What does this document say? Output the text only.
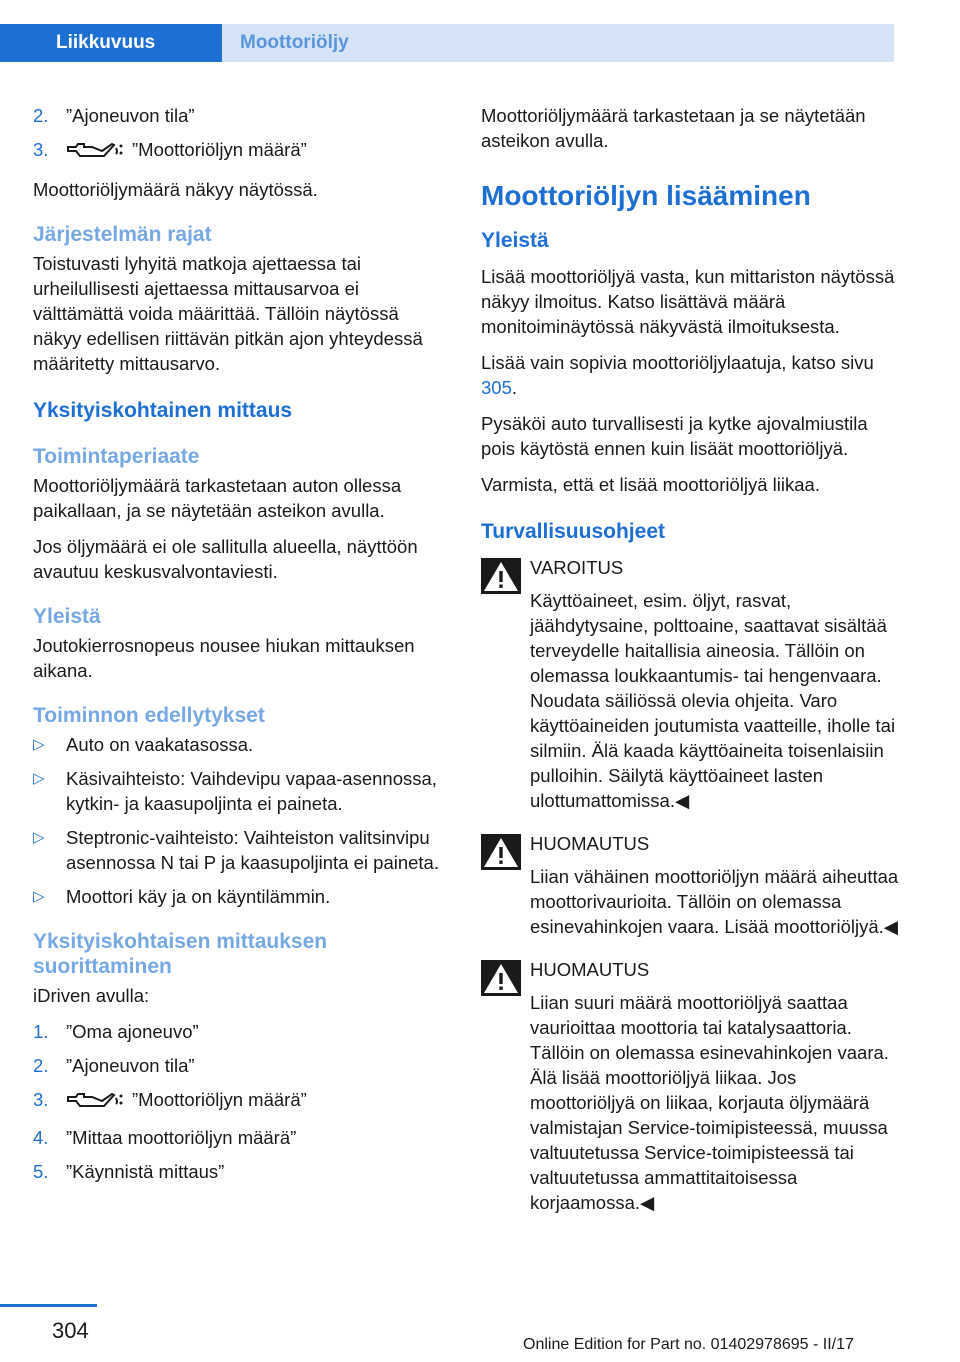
Liikkuvuus	Moottoriöljy
2. ”Ajoneuvon tila”
3.	”Moottoriöljyn määrä”

Moottoriöljymäärä näkyy näytössä.

Järjestelmän rajat

Toistuvasti lyhyitä matkoja ajettaessa tai urheilullisesti ajettaessa mittausarvoa ei välttämättä voida määrittää. Tällöin näytössä näkyy edellisen riittävän pitkän ajon yhteydessä määritetty mittausarvo.

Yksityiskohtainen mittaus
Toimintaperiaate

Moottoriöljymäärä tarkastetaan auton ollessa paikallaan, ja se näytetään asteikon avulla.

Jos öljymäärä ei ole sallitulla alueella, näyttöön avautuu keskusvalvontaviesti.

Yleistä

Joutokierrosnopeus nousee hiukan mittauksen aikana.

Toiminnon edellytykset
▷ Auto on vaakatasossa.
▷ Käsivaihteisto: Vaihdevipu vapaa-asennossa, kytkin- ja kaasupoljinta ei paineta.
▷ Steptronic-vaihteisto: Vaihteiston valitsinvipu asennossa N tai P ja kaasupoljinta ei paineta.
▷ Moottori käy ja on käyntilämmin.
Yksityiskohtaisen mittauksen suorittaminen

iDriven avulla:

1. ”Oma ajoneuvo”
2. ”Ajoneuvon tila”
3.	”Moottoriöljyn määrä”
4. ”Mittaa moottoriöljyn määrä”
5. ”Käynnistä mittaus”

Moottoriöljymäärä tarkastetaan ja se näytetään asteikon avulla.

Moottoriöljyn lisääminen
Yleistä

Lisää moottoriöljyä vasta, kun mittariston näytössä näkyy ilmoitus. Katso lisättävä määrä monitoiminäytössä näkyvästä ilmoituksesta.

Lisää vain sopivia moottoriöljylaatuja, katso sivu 305.

Pysäköi auto turvallisesti ja kytke ajovalmiustila pois käytöstä ennen kuin lisäät moottoriöljyä.

Varmista, että et lisää moottoriöljyä liikaa.

Turvallisuusohjeet
VAROITUS
Käyttöaineet, esim. öljyt, rasvat, jäähdytysaine, polttoaine, saattavat sisältää terveydelle haitallisia aineosia. Tällöin on olemassa loukkaantumis- tai hengenvaara. Noudata säiliössä olevia ohjeita. Varo käyttöaineiden joutumista vaatteille, iholle tai silmiin. Älä kaada käyttöaineita toisenlaisiin pulloihin. Säilytä käyttöaineet lasten ulottumattomissa.◀
HUOMAUTUS
Liian vähäinen moottoriöljyn määrä aiheuttaa moottorivaurioita. Tällöin on olemassa esinevahinkojen vaara. Lisää moottoriöljyä.◀
HUOMAUTUS
Liian suuri määrä moottoriöljyä saattaa vaurioittaa moottoria tai katalysaattoria. Tällöin on olemassa esinevahinkojen vaara. Älä lisää moottoriöljyä liikaa. Jos moottoriöljyä on liikaa, korjauta öljymäärä valmistajan Service-toimipisteessä, muussa valtuutetussa Service-toimipisteessä tai valtuutetussa ammattitaitoisessa korjaamossa.◀
304
Online Edition for Part no. 01402978695 - II/17
